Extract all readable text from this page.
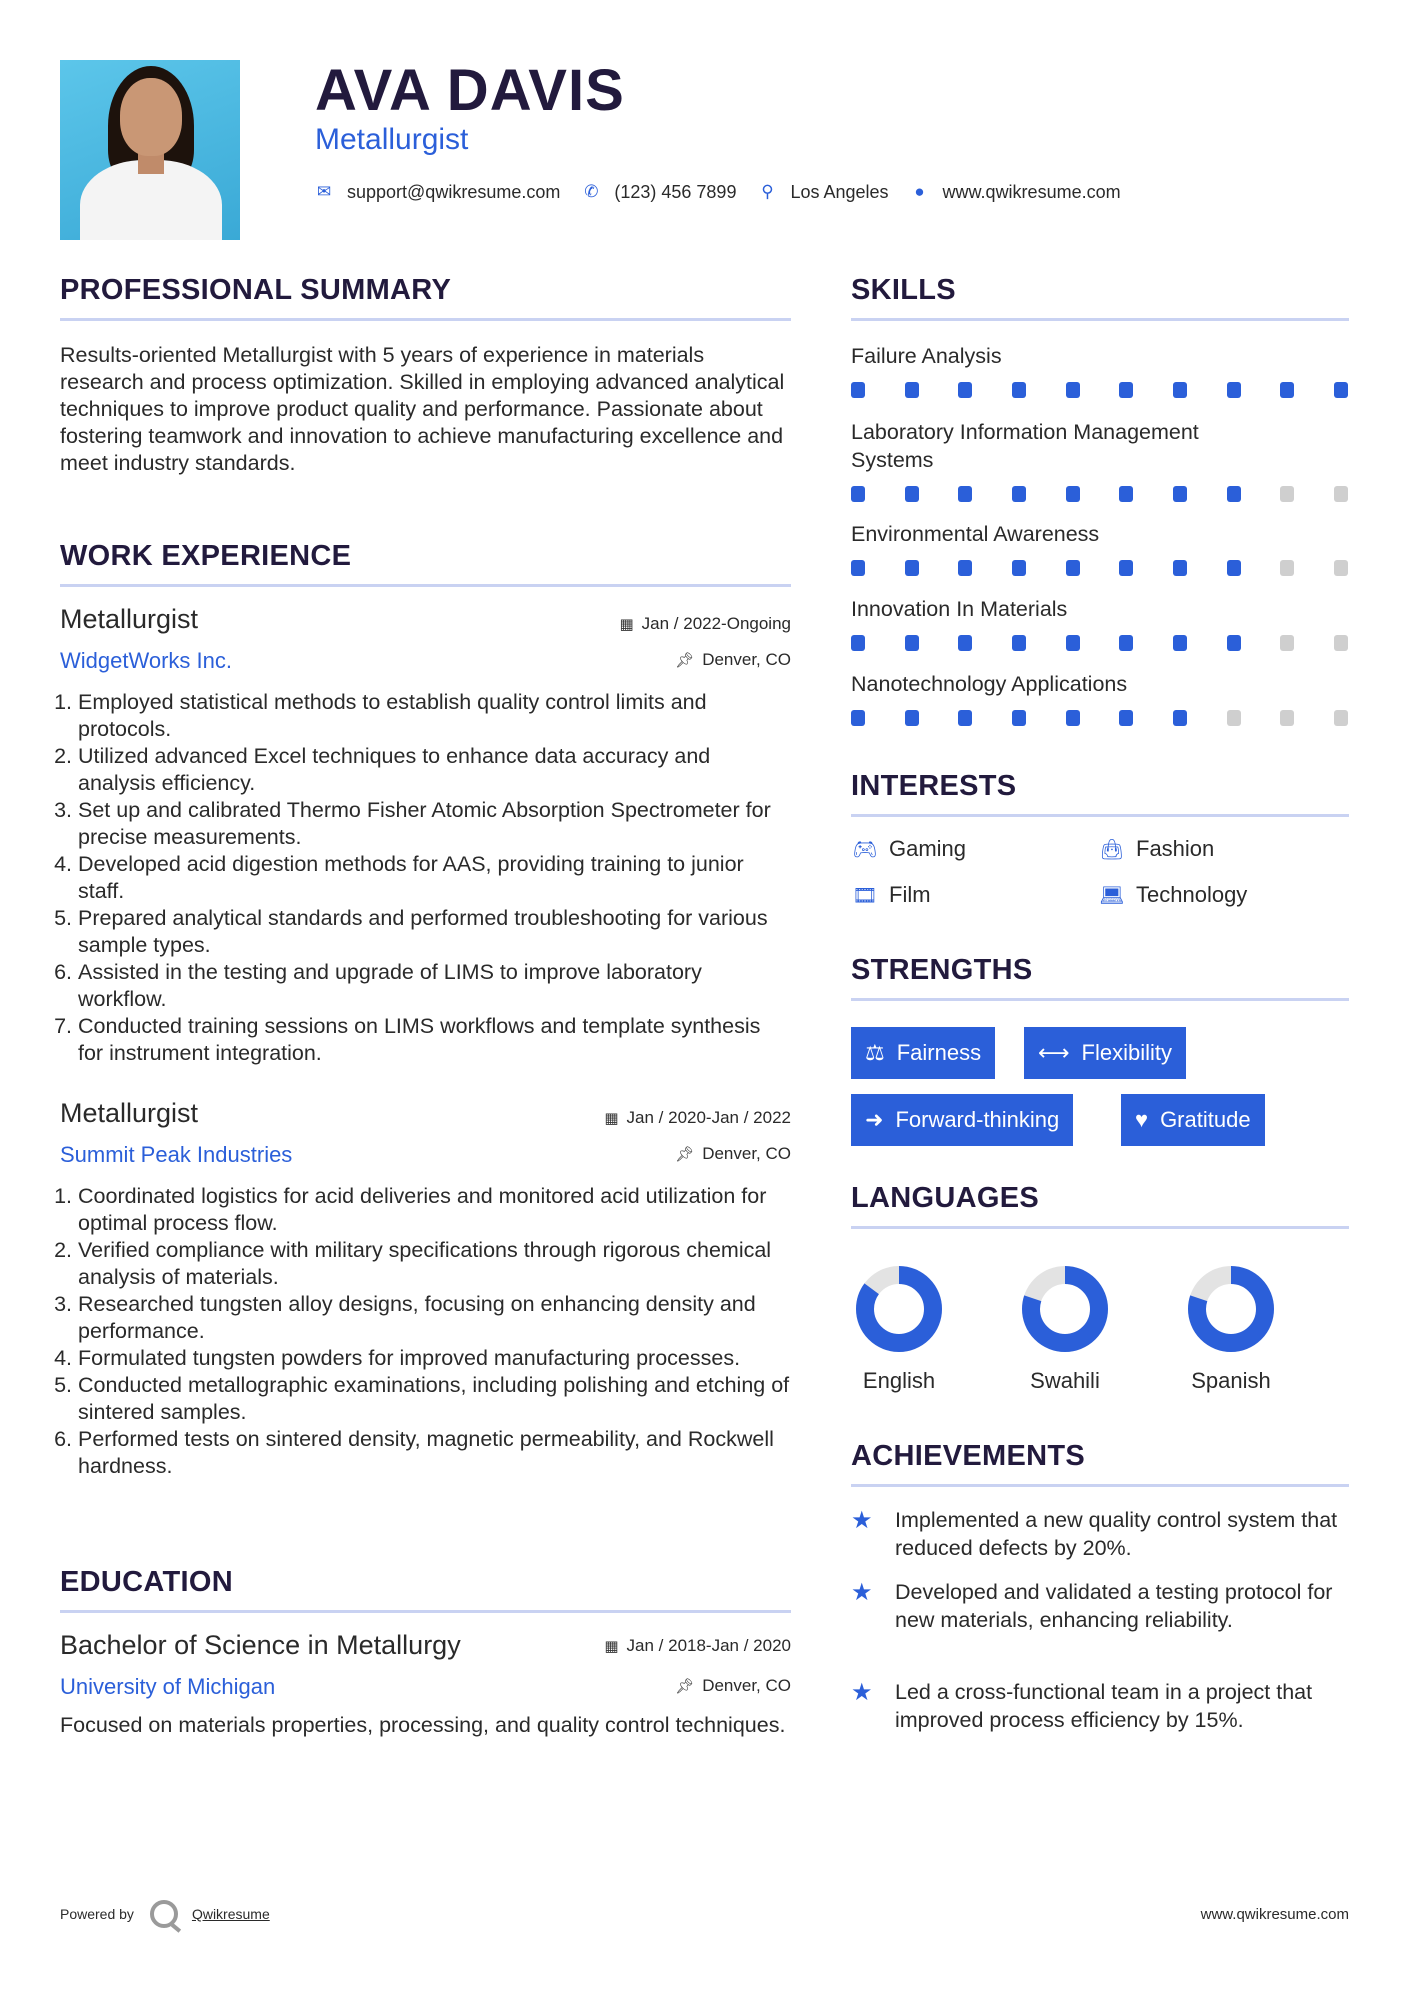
AVA DAVIS
Metallurgist
✉ support@qwikresume.com ✆ (123) 456 7899 ⚲ Los Angeles ● www.qwikresume.com
PROFESSIONAL SUMMARY
Results-oriented Metallurgist with 5 years of experience in materials research and process optimization. Skilled in employing advanced analytical techniques to improve product quality and performance. Passionate about fostering teamwork and innovation to achieve manufacturing excellence and meet industry standards.
WORK EXPERIENCE
Metallurgist	▦ Jan / 2022-Ongoing
WidgetWorks Inc.	📌︎ Denver, CO
1. Employed statistical methods to establish quality control limits and protocols.
2. Utilized advanced Excel techniques to enhance data accuracy and analysis efficiency.
3. Set up and calibrated Thermo Fisher Atomic Absorption Spectrometer for precise measurements.
4. Developed acid digestion methods for AAS, providing training to junior staff.
5. Prepared analytical standards and performed troubleshooting for various sample types.
6. Assisted in the testing and upgrade of LIMS to improve laboratory workflow.
7. Conducted training sessions on LIMS workflows and template synthesis for instrument integration.
Metallurgist	▦ Jan / 2020-Jan / 2022
Summit Peak Industries	📌︎ Denver, CO
1. Coordinated logistics for acid deliveries and monitored acid utilization for optimal process flow.
2. Verified compliance with military specifications through rigorous chemical analysis of materials.
3. Researched tungsten alloy designs, focusing on enhancing density and performance.
4. Formulated tungsten powders for improved manufacturing processes.
5. Conducted metallographic examinations, including polishing and etching of sintered samples.
6. Performed tests on sintered density, magnetic permeability, and Rockwell hardness.
EDUCATION
Bachelor of Science in Metallurgy	▦ Jan / 2018-Jan / 2020
University of Michigan	📌︎ Denver, CO
Focused on materials properties, processing, and quality control techniques.
SKILLS
Failure Analysis
Laboratory Information Management Systems
Environmental Awareness
Innovation In Materials
Nanotechnology Applications
INTERESTS
🎮︎ Gaming	👜︎ Fashion
🎞︎ Film	💻︎ Technology
STRENGTHS
⚖ Fairness	⟷ Flexibility
➜ Forward-thinking	♥ Gratitude
LANGUAGES
English	Swahili	Spanish
ACHIEVEMENTS
★	Implemented a new quality control system that reduced defects by 20%.
★	Developed and validated a testing protocol for new materials, enhancing reliability.
★	Led a cross-functional team in a project that improved process efficiency by 15%.
Powered by	Qwikresume	www.qwikresume.com
